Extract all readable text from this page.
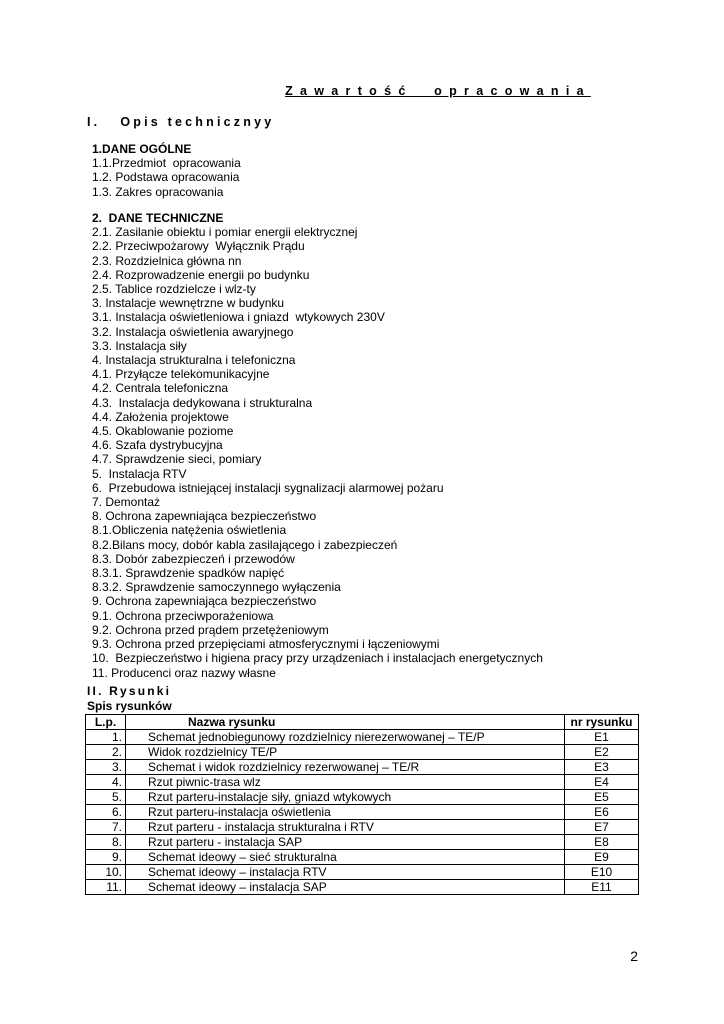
Zawartość  opracowania
I.   Opis technicznyy
1.DANE OGÓLNE
1.1.Przedmiot  opracowania
1.2. Podstawa opracowania
1.3. Zakres opracowania
2.  DANE TECHNICZNE
2.1. Zasilanie obiektu i pomiar energii elektrycznej
2.2. Przeciwpożarowy  Wyłącznik Prądu
2.3. Rozdzielnica główna nn
2.4. Rozprowadzenie energii po budynku
2.5. Tablice rozdzielcze i wlz-ty
3. Instalacje wewnętrzne w budynku
3.1. Instalacja oświetleniowa i gniazd  wtykowych 230V
3.2. Instalacja oświetlenia awaryjnego
3.3. Instalacja siły
4. Instalacja strukturalna i telefoniczna
4.1. Przyłącze telekomunikacyjne
4.2. Centrala telefoniczna
4.3.  Instalacja dedykowana i strukturalna
4.4. Założenia projektowe
4.5. Okablowanie poziome
4.6. Szafa dystrybucyjna
4.7. Sprawdzenie sieci, pomiary
5.  Instalacja RTV
6.  Przebudowa istniejącej instalacji sygnalizacji alarmowej pożaru
7. Demontaż
8. Ochrona zapewniająca bezpieczeństwo
8.1.Obliczenia natężenia oświetlenia
8.2.Bilans mocy, dobór kabla zasilającego i zabezpieczeń
8.3. Dobór zabezpieczeń i przewodów
8.3.1. Sprawdzenie spadków napięć
8.3.2. Sprawdzenie samoczynnego wyłączenia
9. Ochrona zapewniająca bezpieczeństwo
9.1. Ochrona przeciwporażeniowa
9.2. Ochrona przed prądem przetężeniowym
9.3. Ochrona przed przepięciami atmosferycznymi i łączeniowymi
10.  Bezpieczeństwo i higiena pracy przy urządzeniach i instalacjach energetycznych
11. Producenci oraz nazwy własne
II. Rysunki
Spis rysunków
L.p.	Nazwa rysunku	nr rysunku
1.	Schemat jednobiegunowy rozdzielnicy nierezerwowanej – TE/P	E1
2.	Widok rozdzielnicy TE/P	E2
3.	Schemat i widok rozdzielnicy rezerwowanej – TE/R	E3
4.	Rzut piwnic-trasa wlz	E4
5.	Rzut parteru-instalacje siły, gniazd wtykowych	E5
6.	Rzut parteru-instalacja oświetlenia	E6
7.	Rzut parteru - instalacja strukturalna i RTV	E7
8.	Rzut parteru - instalacja SAP	E8
9.	Schemat ideowy – sieć strukturalna	E9
10.	Schemat ideowy – instalacja RTV	E10
11.	Schemat ideowy – instalacja SAP	E11
2
